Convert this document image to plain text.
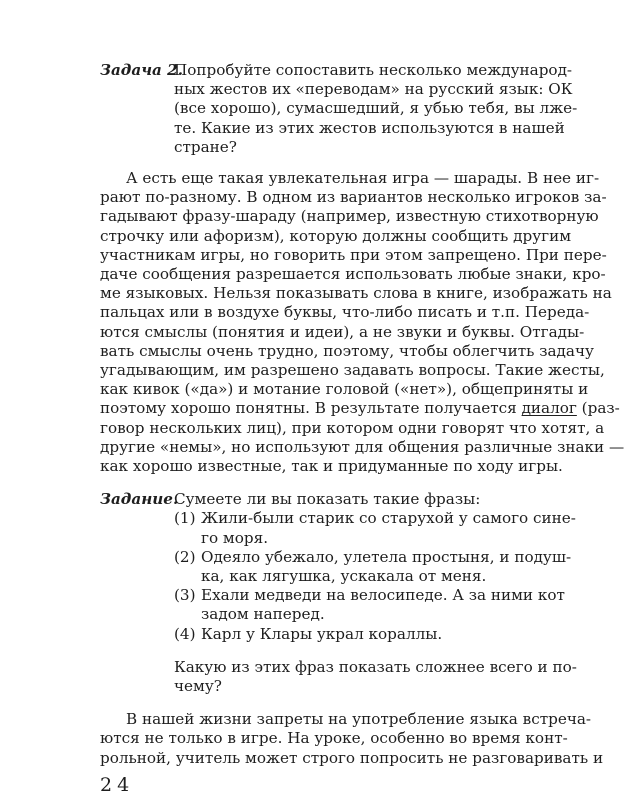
Задача 2.
Попробуйте сопоставить несколько международ-
ных жестов их «переводам» на русский язык: ОК
(все хорошо), сумасшедший, я убью тебя, вы лже-
те. Какие из этих жестов используются в нашей
стране?
А есть еще такая увлекательная игра — шарады. В нее иг-
рают по-разному. В одном из вариантов несколько игроков за-
гадывают фразу-шараду (например, известную стихотворную
строчку или афоризм), которую должны сообщить другим
участникам игры, но говорить при этом запрещено. При пере-
даче сообщения разрешается использовать любые знаки, кро-
ме языковых. Нельзя показывать слова в книге, изображать на
пальцах или в воздухе буквы, что-либо писать и т.п. Переда-
ются смыслы (понятия и идеи), а не звуки и буквы. Отгады-
вать смыслы очень трудно, поэтому, чтобы облегчить задачу
угадывающим, им разрешено задавать вопросы. Такие жесты,
как кивок («да») и мотание головой («нет»), общеприняты и
поэтому хорошо понятны. В результате получается диалог (раз-
говор нескольких лиц), при котором одни говорят что хотят, а
другие «немы», но используют для общения различные знаки —
как хорошо известные, так и придуманные по ходу игры.
Задание.
Сумеете ли вы показать такие фразы:
(1) Жили-были старик со старухой у самого сине-
го моря.
(2) Одеяло убежало, улетела простыня, и подуш-
ка, как лягушка, ускакала от меня.
(3) Ехали медведи на велосипеде. А за ними кот
задом наперед.
(4) Карл у Клары украл кораллы.
Какую из этих фраз показать сложнее всего и по-
чему?
В нашей жизни запреты на употребление языка встреча-
ются не только в игре. На уроке, особенно во время конт-
рольной, учитель может строго попросить не разговаривать и
24
